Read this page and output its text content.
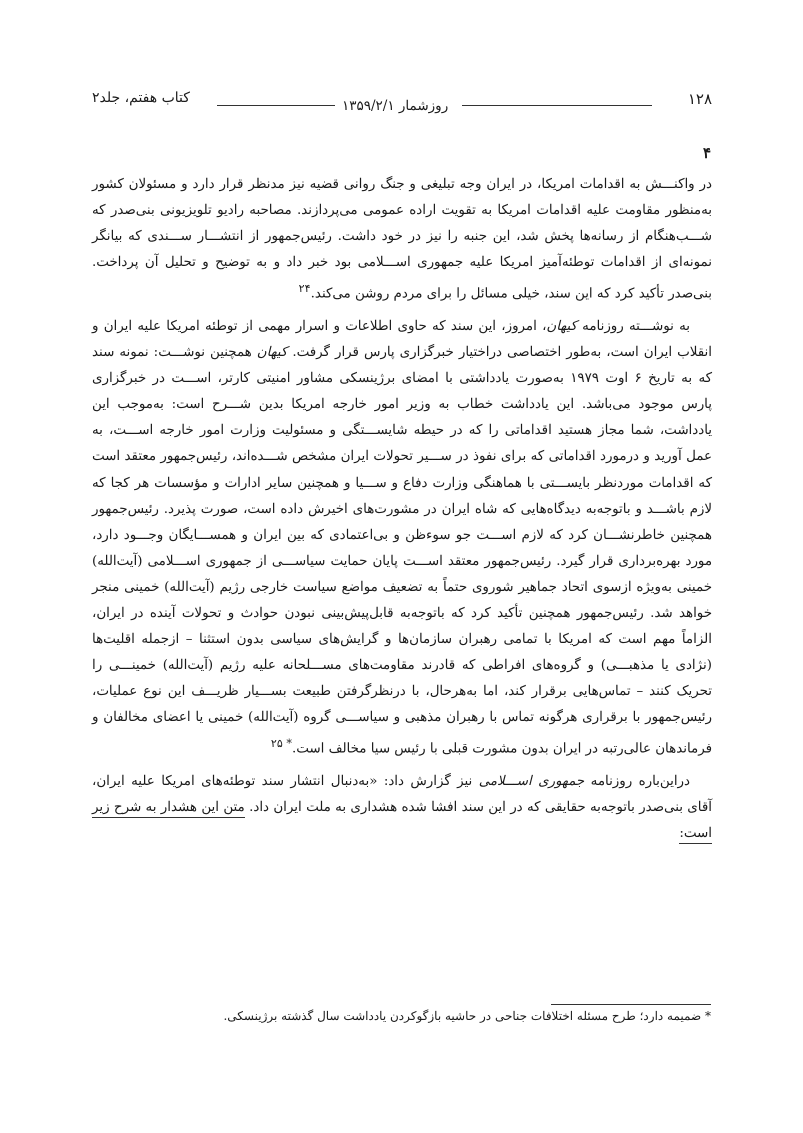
کتاب هفتم، جلد۲	روزشمار ۱۳۵۹/۲/۱	۱۲۸
۴

در واکنـــش به اقدامات امریکا، در ایران وجه تبلیغی و جنگ روانی قضیه نیز مدنظر قرار دارد و مسئولان کشور به‌منظور مقاومت علیه اقدامات امریکا به تقویت اراده عمومی می‌پردازند. مصاحبه رادیو تلویزیونی بنی‌صدر که شـــب‌هنگام از رسانه‌ها پخش شد، این جنبه را نیز در خود داشت. رئیس‌جمهور از انتشـــار ســـندی که بیانگر نمونه‌ای از اقدامات توطئه‌آمیز امریکا علیه جمهوری اســـلامی بود خبر داد و به توضیح و تحلیل آن پرداخت. بنی‌صدر تأکید کرد که این سند، خیلی مسائل را برای مردم روشن می‌کند.$^{۲۴}$

به نوشـــته روزنامه کیهان، امروز، این سند که حاوی اطلاعات و اسرار مهمی از توطئه امریکا علیه ایران و انقلاب ایران است، به‌طور اختصاصی دراختیار خبرگزاری پارس قرار گرفت. کیهان همچنین نوشـــت: نمونه سند که به تاریخ ۶ اوت ۱۹۷۹ به‌صورت یادداشتی با امضای برژینسکی مشاور امنیتی کارتر، اســـت در خبرگزاری پارس موجود می‌باشد. این یادداشت خطاب به وزیر امور خارجه امریکا بدین شـــرح است: به‌موجب این یادداشت، شما مجاز هستید اقداماتی را که در حیطه شایســـتگی و مسئولیت وزارت امور خارجه اســـت، به عمل آورید و درمورد اقداماتی که برای نفوذ در ســـیر تحولات ایران مشخص شـــده‌اند، رئیس‌جمهور معتقد است که اقدامات موردنظر بایســـتی با هماهنگی وزارت دفاع و ســـیا و همچنین سایر ادارات و مؤسسات هر کجا که لازم باشـــد و باتوجه‌به دیدگاه‌هایی که شاه ایران در مشورت‌های اخیرش داده است، صورت پذیرد. رئیس‌جمهور همچنین خاطرنشـــان کرد که لازم اســـت جو سوءظن و بی‌اعتمادی که بین ایران و همســـایگان وجـــود دارد، مورد بهره‌برداری قرار گیرد. رئیس‌جمهور معتقد اســـت پایان حمایت سیاســـی از جمهوری اســـلامی (آیت‌الله) خمینی به‌ویژه ازسوی اتحاد جماهیر شوروی حتماً به تضعیف مواضع سیاست خارجی رژیم (آیت‌الله) خمینی منجر خواهد شد. رئیس‌جمهور همچنین تأکید کرد که باتوجه‌به قابل‌پیش‌بینی نبودن حوادث و تحولات آینده در ایران، الزاماً مهم است که امریکا با تمامی رهبران سازمان‌ها و گرایش‌های سیاسی بدون استثنا – ازجمله اقلیت‌ها (نژادی یا مذهبـــی) و گروه‌های افراطی که قادرند مقاومت‌های مســـلحانه علیه رژیم (آیت‌الله) خمینـــی را تحریک کنند – تماس‌هایی برقرار کند، اما به‌هرحال، با درنظرگرفتن طبیعت بســـیار ظریـــف این نوع عملیات، رئیس‌جمهور با برقراری هرگونه تماس با رهبران مذهبی و سیاســـی گروه (آیت‌الله) خمینی یا اعضای مخالفان و فرماندهان عالی‌رتبه در ایران بدون مشورت قبلی با رئیس سیا مخالف است.$^{* ۲۵}$

دراین‌باره روزنامه جمهوری اســـلامی نیز گزارش داد: «به‌دنبال انتشار سند توطئه‌های امریکا علیه ایران، آقای بنی‌صدر باتوجه‌به حقایقی که در این سند افشا شده هشداری به ملت ایران داد. متن این هشدار به شرح زیر است:

* ضمیمه دارد؛ طرح مسئله اختلافات جناحی در حاشیه بازگوکردن یادداشت سال گذشته برژینسکی.
